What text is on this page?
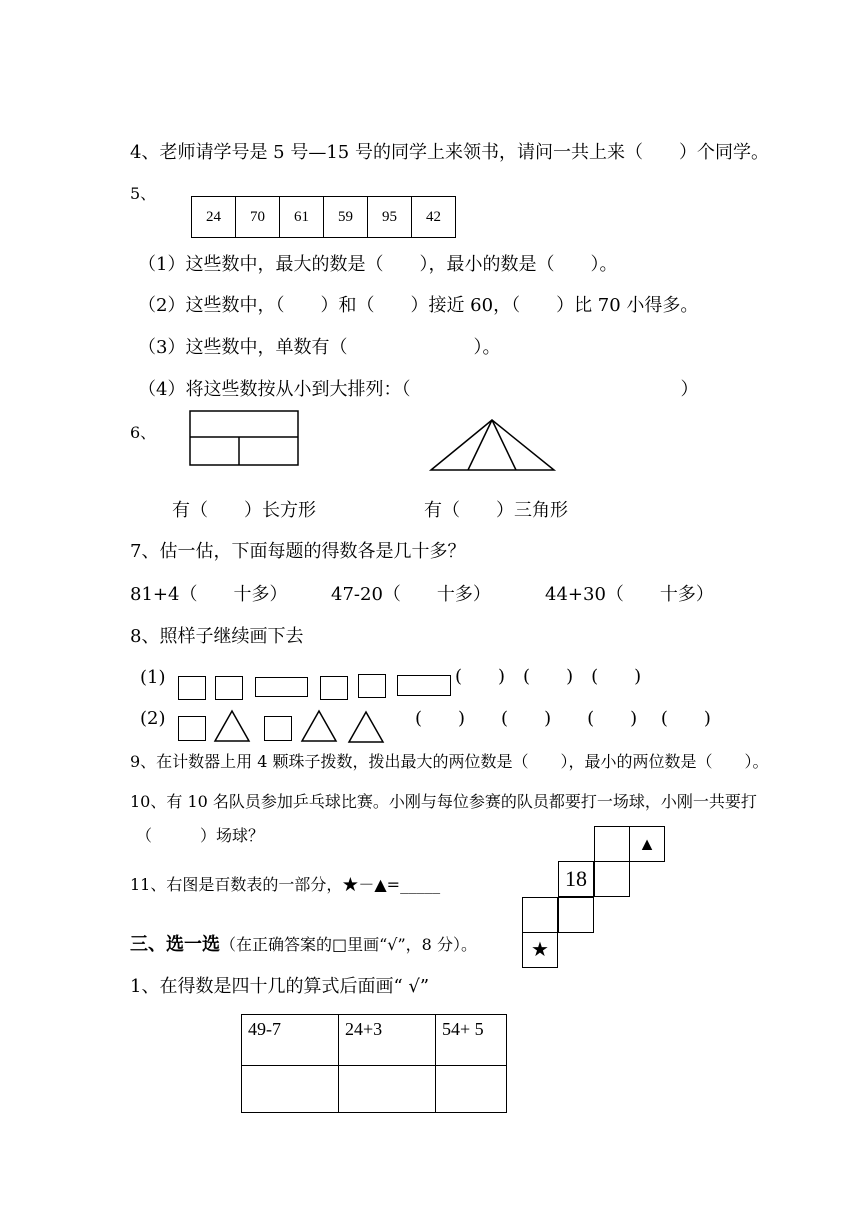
4、老师请学号是 5 号—15 号的同学上来领书，请问一共上来（　　）个同学。
5、
24	70	61	59	95	42
（1）这些数中，最大的数是（　　），最小的数是（　　）。
（2）这些数中，（　　）和（　　）接近 60，（　　）比 70 小得多。
（3）这些数中，单数有（　　　　　　　）。
（4）将这些数按从小到大排列：（　　　　　　　　　　　　　　　）
6、
有（　　）长方形	有（　　）三角形
7、估一估，下面每题的得数各是几十多？
81+4（　　十多） 47-20（　　十多）	44+30（　　十多）
8、照样子继续画下去
(1)	(　　)　(　　)　(　　)
(2)	(　　)　　(　　)　　(　　)　 (　　)
9、在计数器上用 4 颗珠子拨数，拨出最大的两位数是（　　），最小的两位数是（　　）。
10、有 10 名队员参加乒乓球比赛。小刚与每位参赛的队员都要打一场球，小刚一共要打
（　　　）场球？
11、右图是百数表的一部分，★－▲=_____
▲
18
★
三、选一选（在正确答案的□里画“√”，8 分）。
1、在得数是四十几的算式后面画“ √”
49-7	24+3	54+ 5
